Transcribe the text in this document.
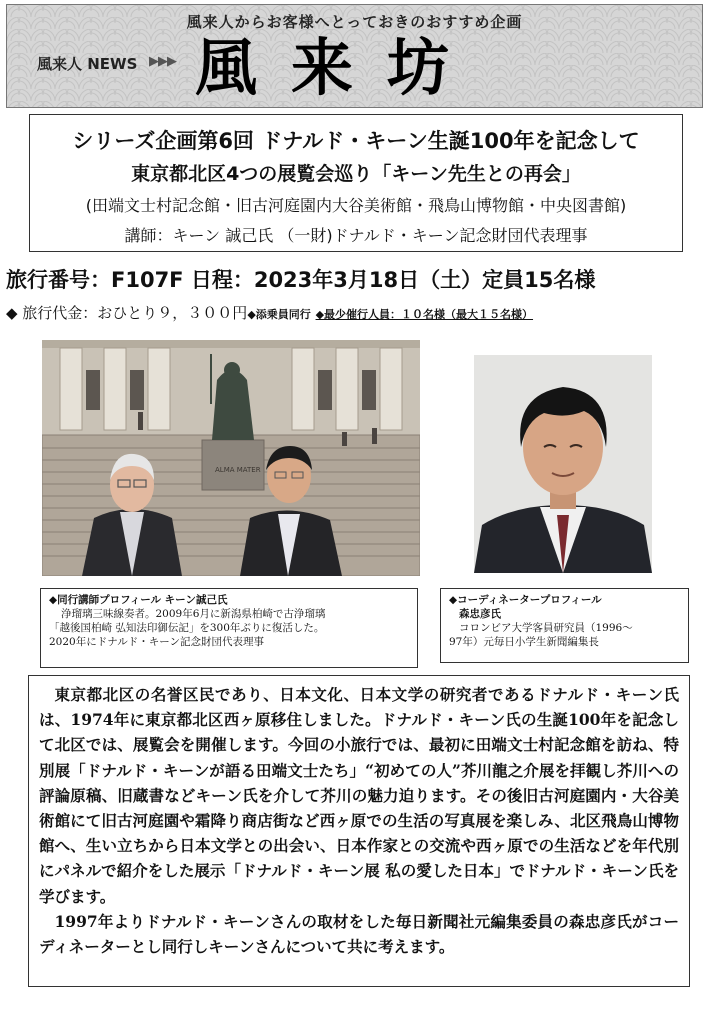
風来人からお客様へとっておきのおすすめ企画
風来人 NEWS ▶▶▶ 風来坊
シリーズ企画第6回 ドナルド・キーン生誕100年を記念して
東京都北区4つの展覧会巡り「キーン先生との再会」
(田端文士村記念館・旧古河庭園内大谷美術館・飛鳥山博物館・中央図書館)
講師：キーン 誠己氏 （一財)ドナルド・キーン記念財団代表理事
旅行番号：F107F 日程：2023年3月18日（土）定員15名様
◆ 旅行代金：おひとり９，３００円◆添乗員同行 ◆最少催行人員：１０名様（最大１５名様）
ALMA MATER
◆同行講師プロフィール キーン誠己氏
浄瑠璃三味線奏者。2009年6月に新潟県柏崎で古浄瑠璃
「越後国柏崎 弘知法印御伝記」を300年ぶりに復活した。
2020年にドナルド・キーン記念財団代表理事
◆コーディネータープロフィール
森忠彦氏
コロンビア大学客員研究員（1996～
97年）元毎日小学生新聞編集長

東京都北区の名誉区民であり、日本文化、日本文学の研究者であるドナルド・キーン氏は、1974年に東京都北区西ヶ原移住しました。ドナルド・キーン氏の生誕100年を記念して北区では、展覧会を開催します。今回の小旅行では、最初に田端文士村記念館を訪ね、特別展「ドナルド・キーンが語る田端文士たち」“初めての人”芥川龍之介展を拝観し芥川への評論原稿、旧蔵書などキーン氏を介して芥川の魅力迫ります。その後旧古河庭園内・大谷美術館にて旧古河庭園や霜降り商店街など西ヶ原での生活の写真展を楽しみ、北区飛鳥山博物館へ、生い立ちから日本文学との出会い、日本作家との交流や西ヶ原での生活などを年代別にパネルで紹介をした展示「ドナルド・キーン展 私の愛した日本」でドナルド・キーン氏を学びます。

1997年よりドナルド・キーンさんの取材をした毎日新聞社元編集委員の森忠彦氏がコーディネーターとし同行しキーンさんについて共に考えます。
